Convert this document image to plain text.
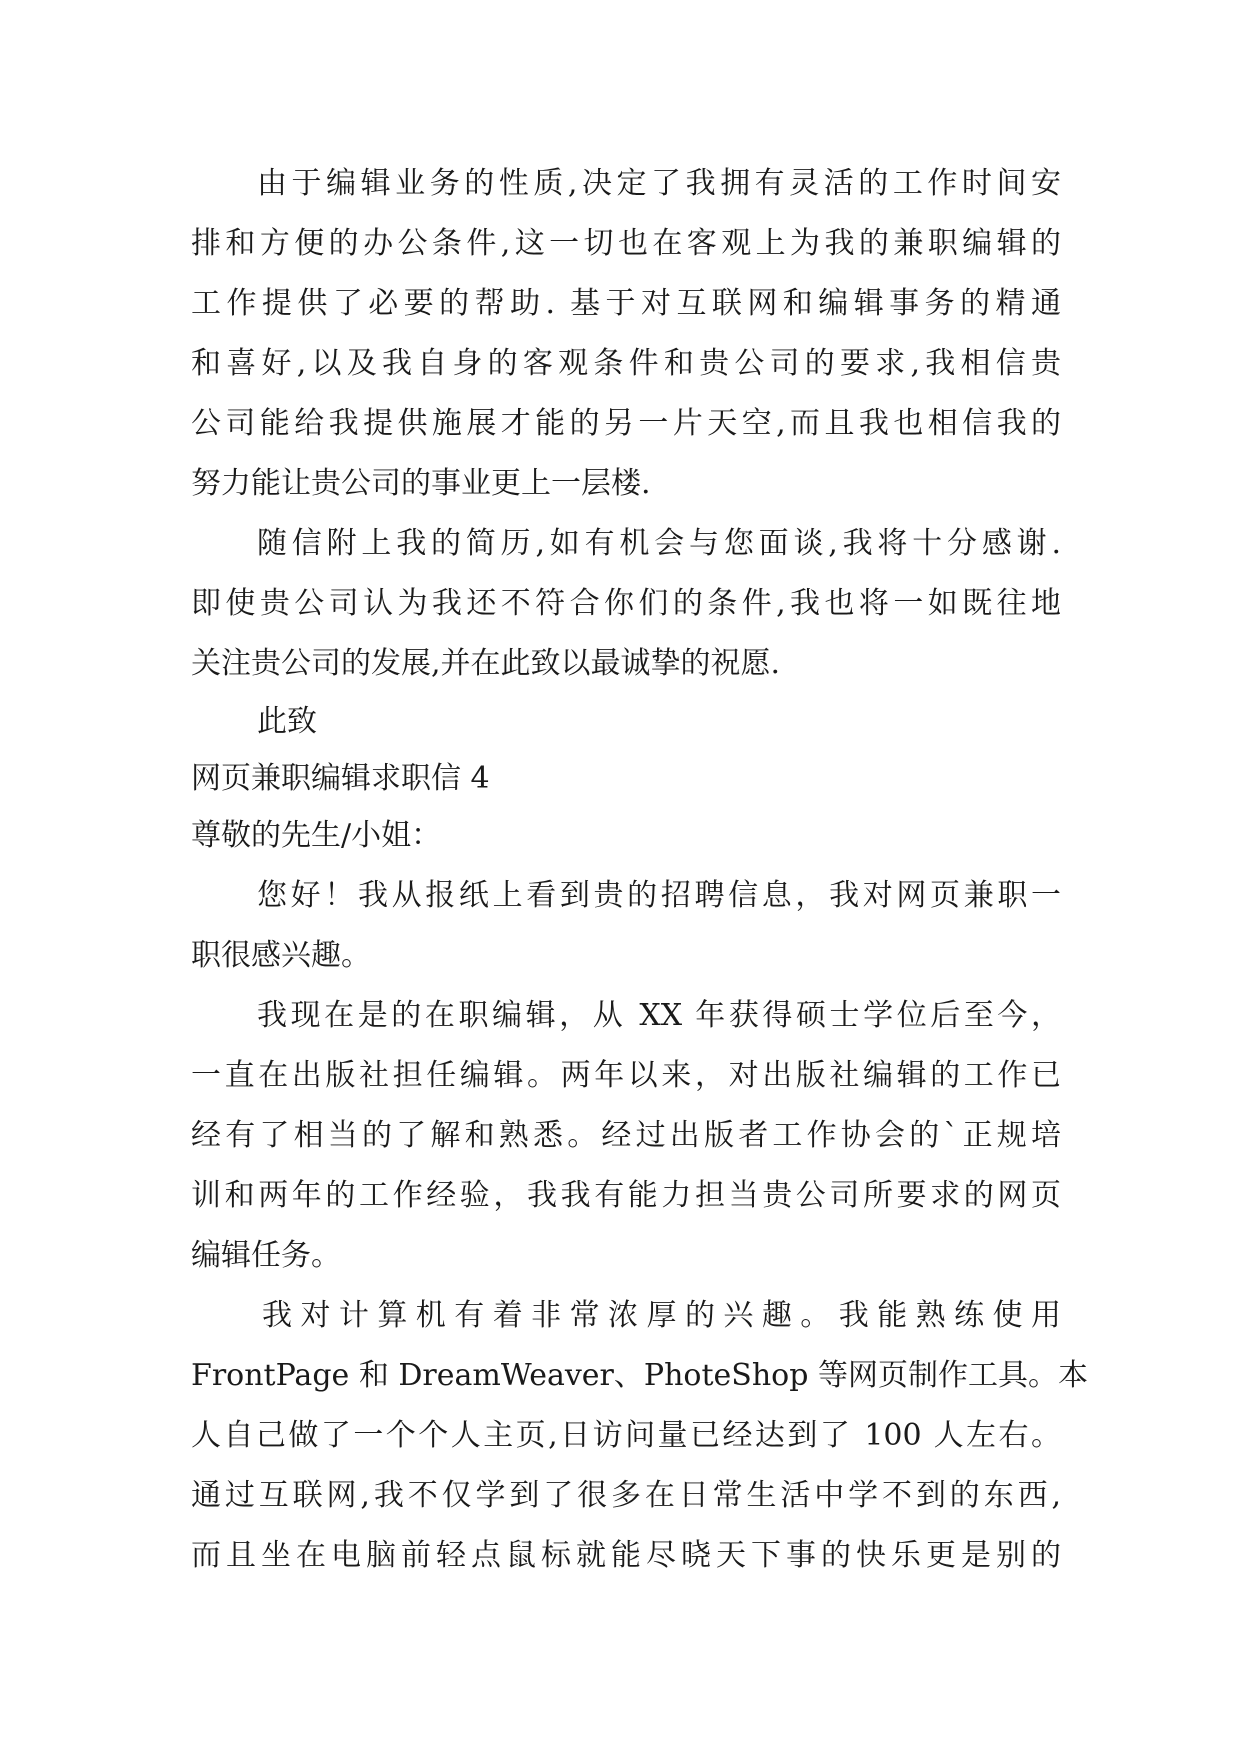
由于编辑业务的性质,决定了我拥有灵活的工作时间安
排和方便的办公条件,这一切也在客观上为我的兼职编辑的
工作提供了必要的帮助. 基于对互联网和编辑事务的精通
和喜好,以及我自身的客观条件和贵公司的要求,我相信贵
公司能给我提供施展才能的另一片天空,而且我也相信我的
努力能让贵公司的事业更上一层楼.
随信附上我的简历,如有机会与您面谈,我将十分感谢.
即使贵公司认为我还不符合你们的条件,我也将一如既往地
关注贵公司的发展,并在此致以最诚挚的祝愿.
此致
网页兼职编辑求职信 4
尊敬的先生/小姐：
您好！我从报纸上看到贵的招聘信息，我对网页兼职一
职很感兴趣。
我现在是的在职编辑，从 XX 年获得硕士学位后至今，
一直在出版社担任编辑。两年以来，对出版社编辑的工作已
经有了相当的了解和熟悉。经过出版者工作协会的`正规培
训和两年的工作经验，我我有能力担当贵公司所要求的网页
编辑任务。
我对计算机有着非常浓厚的兴趣。我能熟练使用
FrontPage 和 DreamWeaver、PhoteShop 等网页制作工具。本
人自己做了一个个人主页,日访问量已经达到了 100 人左右。
通过互联网,我不仅学到了很多在日常生活中学不到的东西,
而且坐在电脑前轻点鼠标就能尽晓天下事的快乐更是别的
